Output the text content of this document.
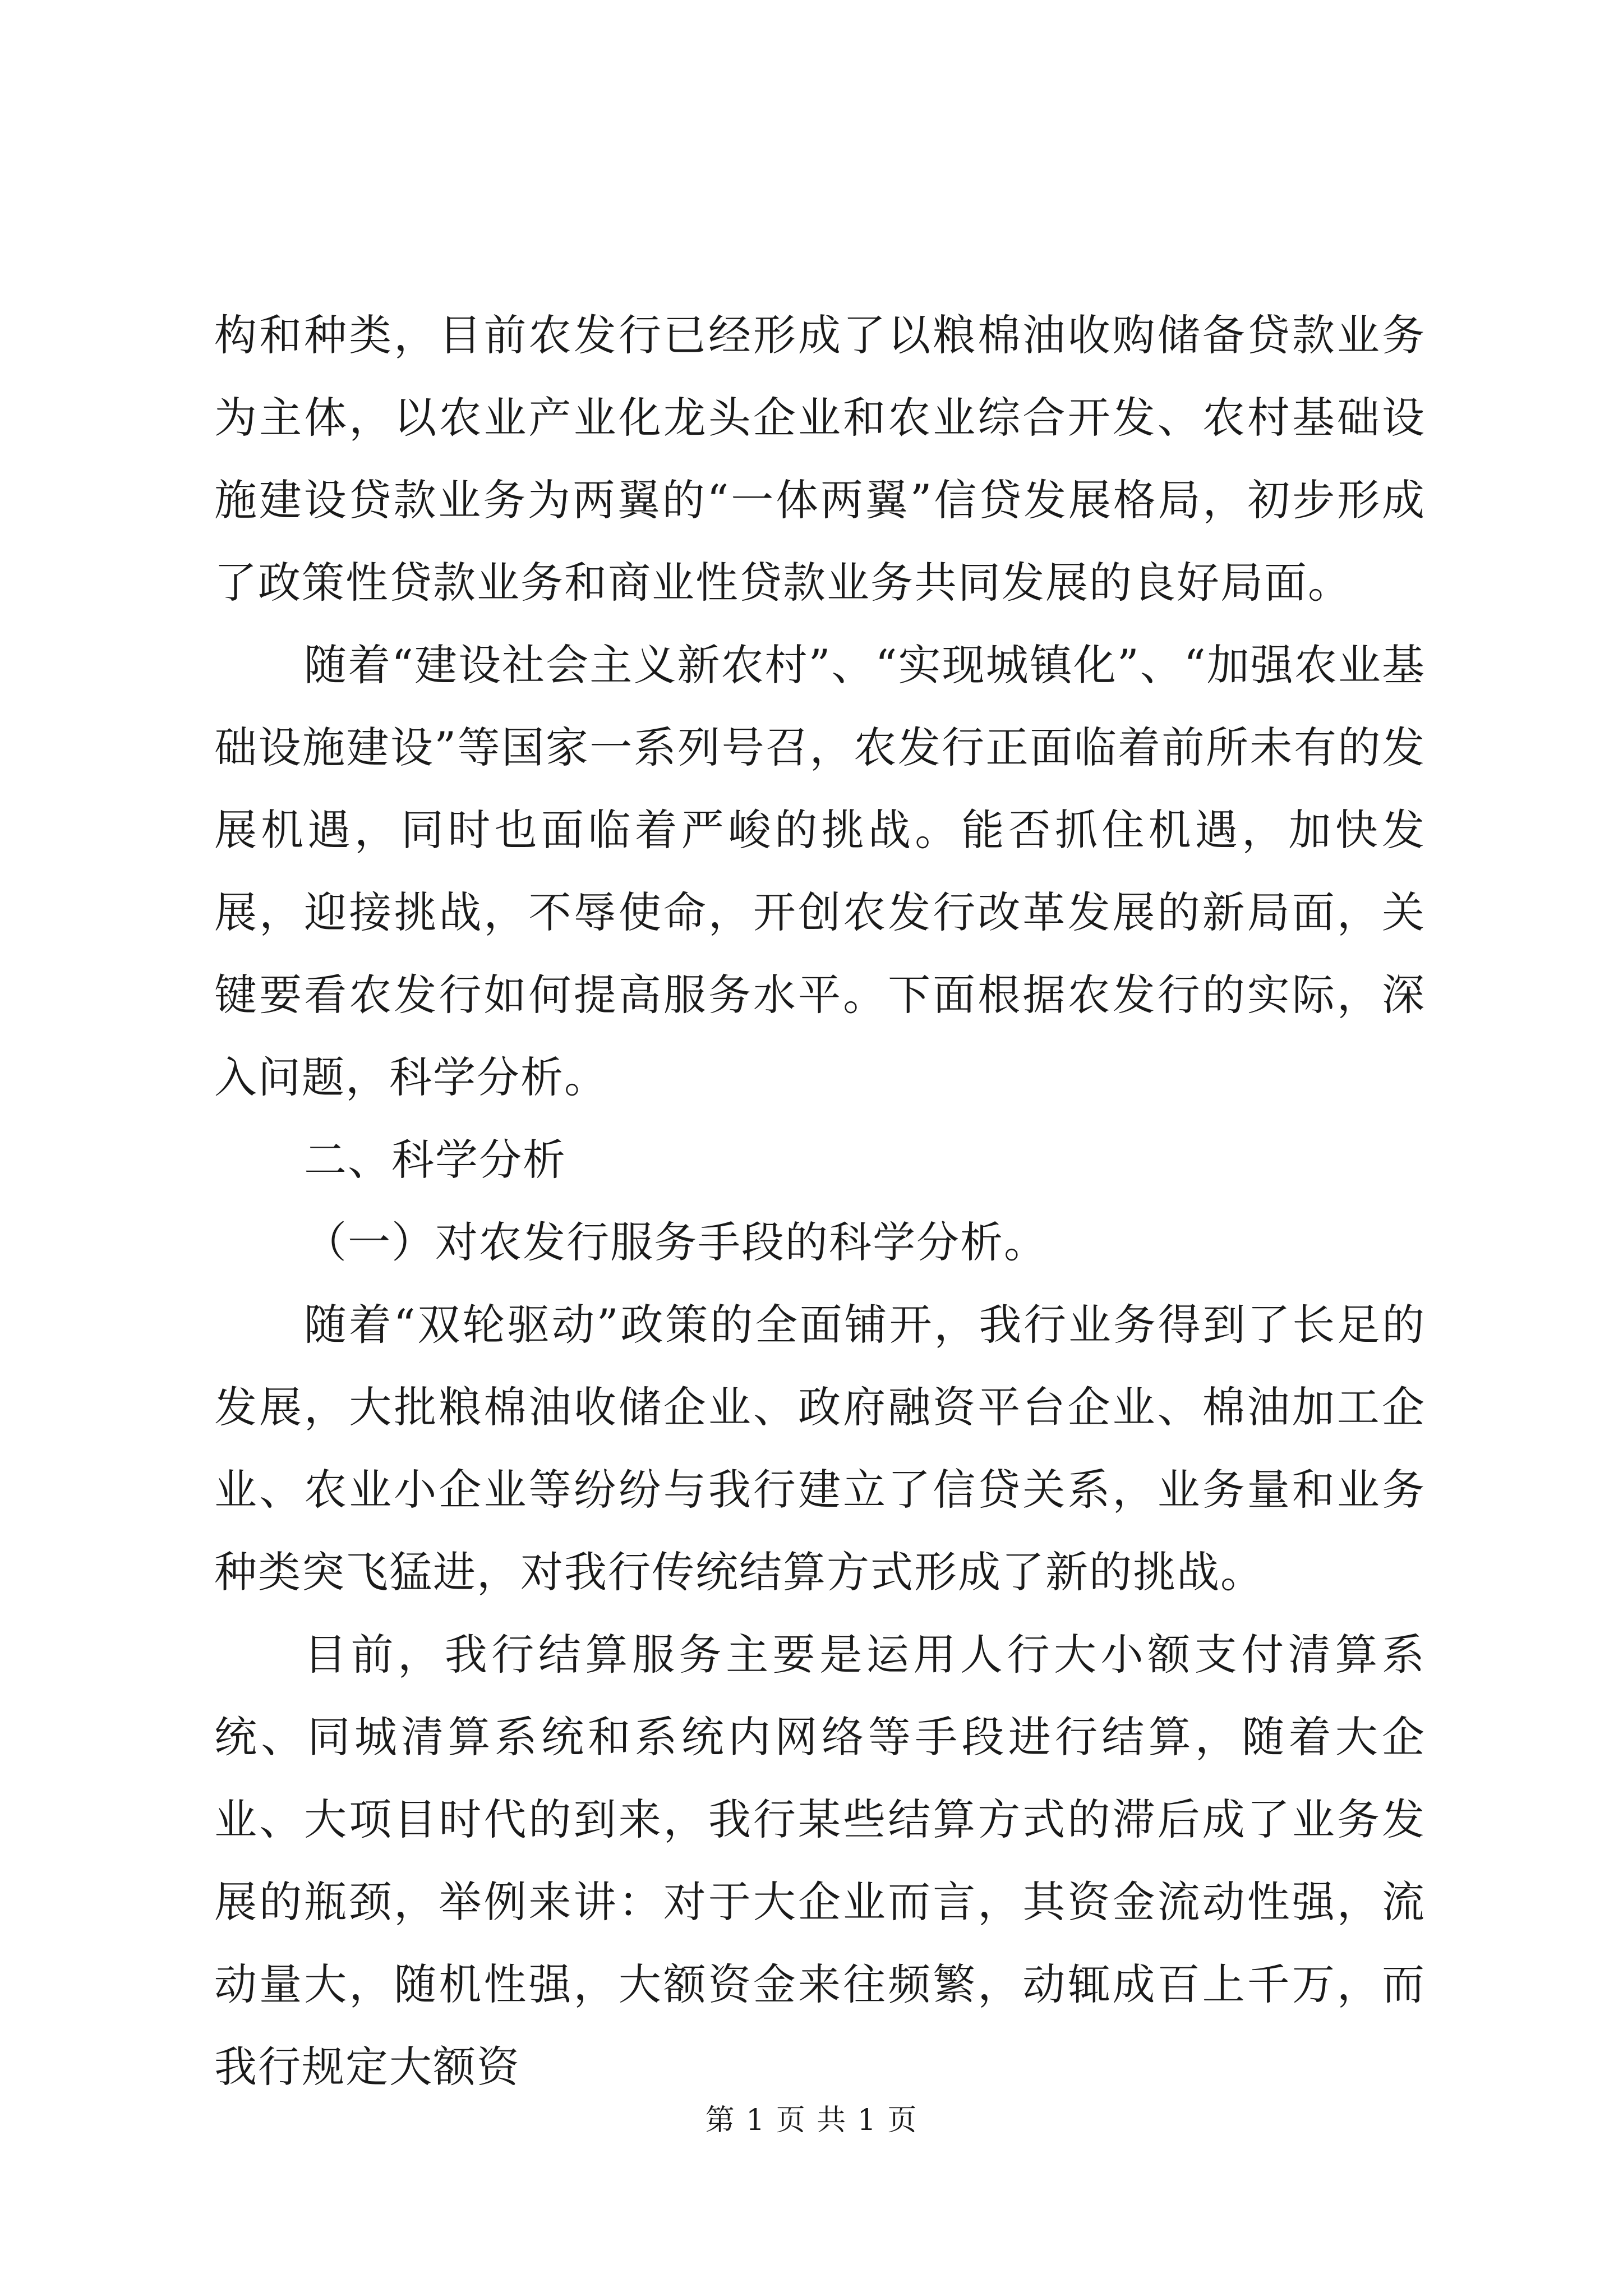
构和种类，目前农发行已经形成了以粮棉油收购储备贷款业务为主体，以农业产业化龙头企业和农业综合开发、农村基础设施建设贷款业务为两翼的“一体两翼”信贷发展格局，初步形成了政策性贷款业务和商业性贷款业务共同发展的良好局面。

随着“建设社会主义新农村”、“实现城镇化”、“加强农业基础设施建设”等国家一系列号召，农发行正面临着前所未有的发展机遇，同时也面临着严峻的挑战。能否抓住机遇，加快发展，迎接挑战，不辱使命，开创农发行改革发展的新局面，关键要看农发行如何提高服务水平。下面根据农发行的实际，深入问题，科学分析。

二、科学分析

（一）对农发行服务手段的科学分析。

随着“双轮驱动”政策的全面铺开，我行业务得到了长足的发展，大批粮棉油收储企业、政府融资平台企业、棉油加工企业、农业小企业等纷纷与我行建立了信贷关系，业务量和业务种类突飞猛进，对我行传统结算方式形成了新的挑战。

目前，我行结算服务主要是运用人行大小额支付清算系统、同城清算系统和系统内网络等手段进行结算，随着大企业、大项目时代的到来，我行某些结算方式的滞后成了业务发展的瓶颈，举例来讲：对于大企业而言，其资金流动性强，流动量大，随机性强，大额资金来往频繁，动辄成百上千万，而我行规定大额资

第 1 页 共 1 页
